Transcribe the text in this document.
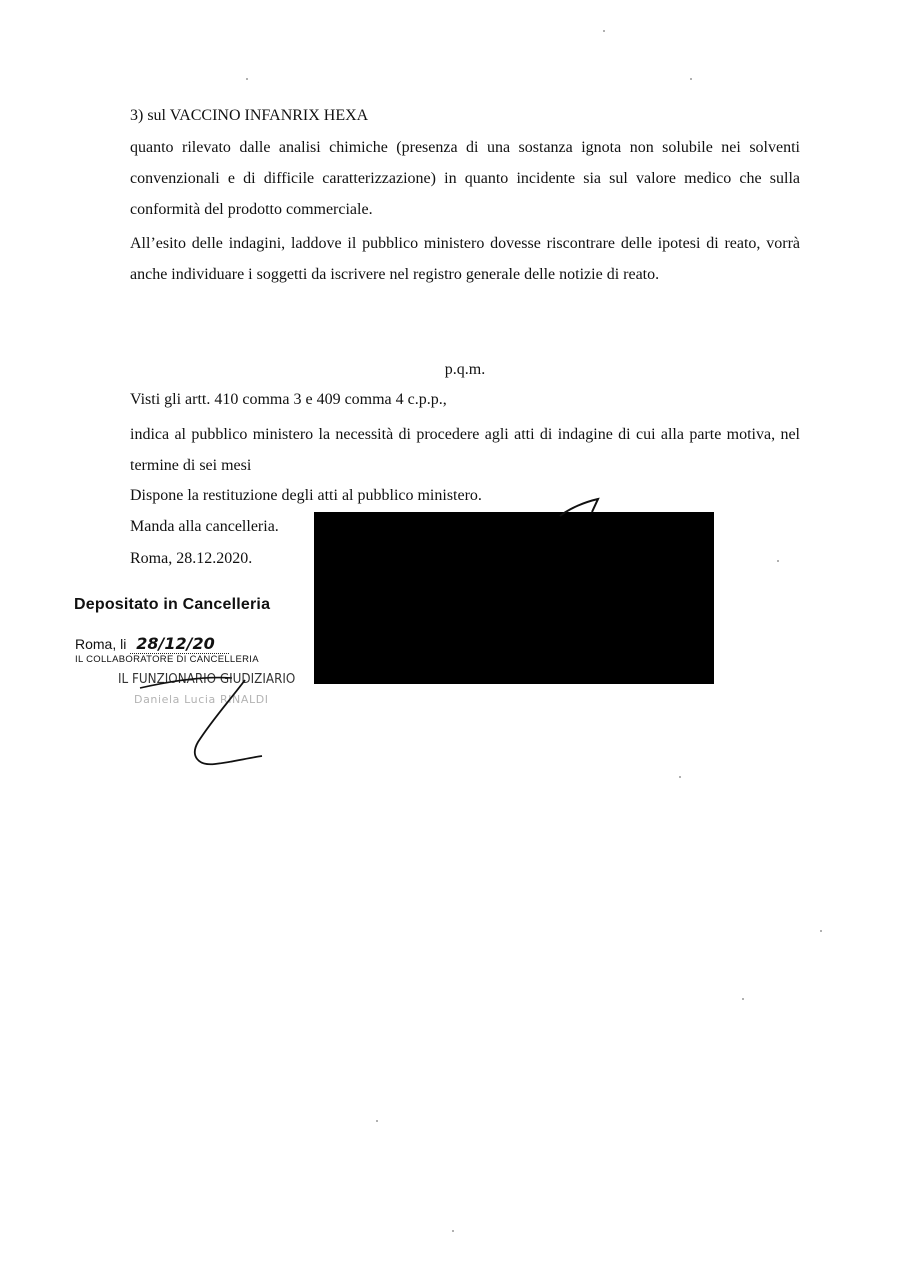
3) sul VACCINO INFANRIX HEXA

quanto rilevato dalle analisi chimiche (presenza di una sostanza ignota non solubile nei solventi convenzionali e di difficile caratterizzazione) in quanto incidente sia sul valore medico che sulla conformità del prodotto commerciale.

All’esito delle indagini, laddove il pubblico ministero dovesse riscontrare delle ipotesi di reato, vorrà anche individuare i soggetti da iscrivere nel registro generale delle notizie di reato.

p.q.m.
Visti gli artt. 410 comma 3 e 409 comma 4 c.p.p.,

indica al pubblico ministero la necessità di procedere agli atti di indagine di cui alla parte motiva, nel termine di sei mesi

Dispone la restituzione degli atti al pubblico ministero.
Manda alla cancelleria.
Roma, 28.12.2020.
Depositato in Cancelleria
Roma, li 28/12/20
IL COLLABORATORE DI CANCELLERIA
IL FUNZIONARIO GIUDIZIARIO
Daniela Lucia RINALDI
